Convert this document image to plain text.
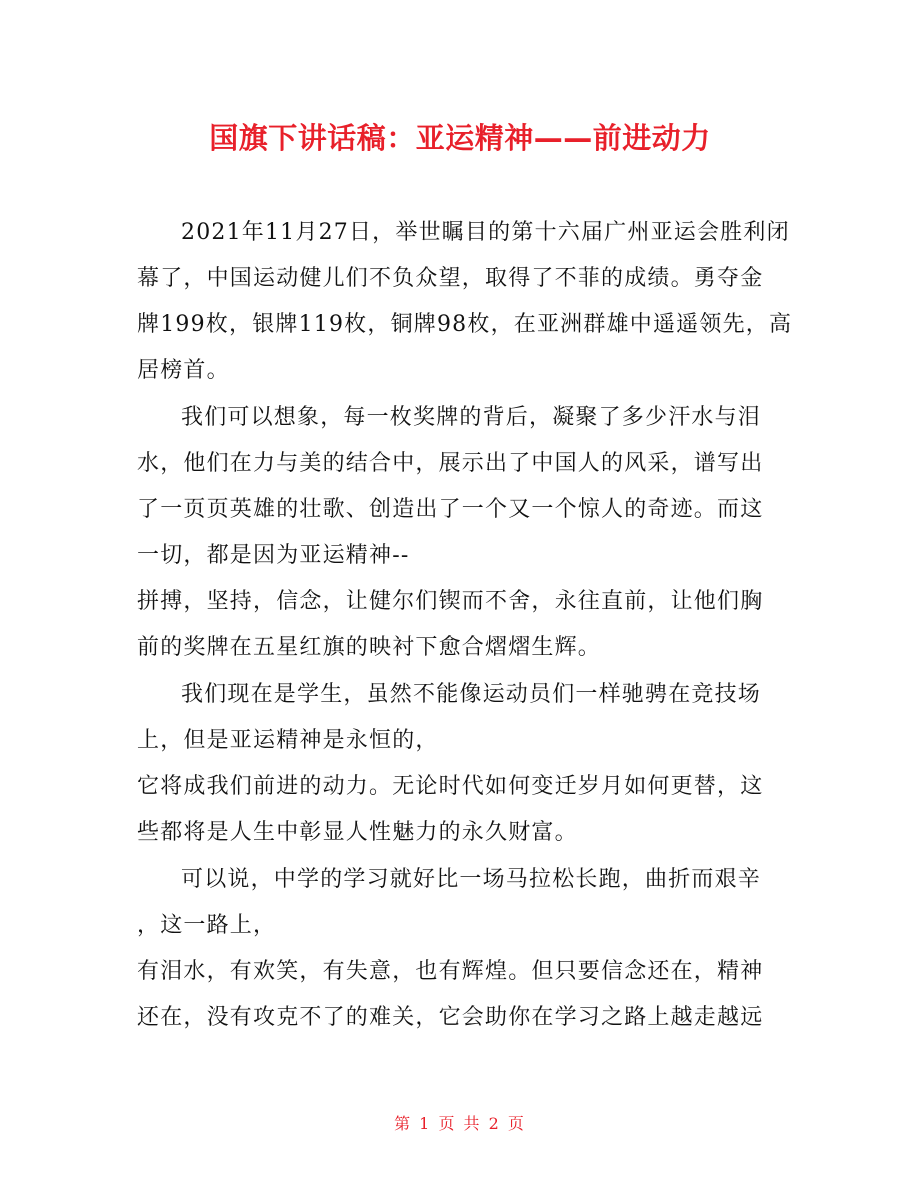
国旗下讲话稿：亚运精神——前进动力
2021年11月27日，举世瞩目的第十六届广州亚运会胜利闭
幕了，中国运动健儿们不负众望，取得了不菲的成绩。勇夺金
牌199枚，银牌119枚，铜牌98枚，在亚洲群雄中遥遥领先，高
居榜首。
我们可以想象，每一枚奖牌的背后，凝聚了多少汗水与泪
水，他们在力与美的结合中，展示出了中国人的风采，谱写出
了一页页英雄的壮歌、创造出了一个又一个惊人的奇迹。而这
一切，都是因为亚运精神--
拼搏，坚持，信念，让健尔们锲而不舍，永往直前，让他们胸
前的奖牌在五星红旗的映衬下愈合熠熠生辉。
我们现在是学生，虽然不能像运动员们一样驰骋在竞技场
上，但是亚运精神是永恒的，
它将成我们前进的动力。无论时代如何变迁岁月如何更替，这
些都将是人生中彰显人性魅力的永久财富。
可以说，中学的学习就好比一场马拉松长跑，曲折而艰辛
，这一路上，
有泪水，有欢笑，有失意，也有辉煌。但只要信念还在，精神
还在，没有攻克不了的难关，它会助你在学习之路上越走越远
第 1 页 共 2 页
